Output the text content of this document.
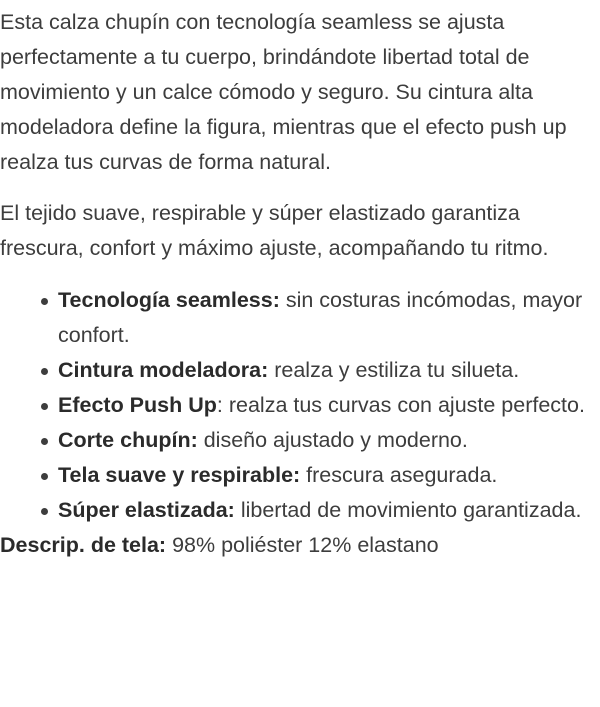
Esta calza chupín con tecnología seamless se ajusta perfectamente a tu cuerpo, brindándote libertad total de movimiento y un calce cómodo y seguro. Su cintura alta modeladora define la figura, mientras que el efecto push up realza tus curvas de forma natural.

El tejido suave, respirable y súper elastizado garantiza frescura, confort y máximo ajuste, acompañando tu ritmo.

Tecnología seamless: sin costuras incómodas, mayor confort.
Cintura modeladora: realza y estiliza tu silueta.
Efecto Push Up: realza tus curvas con ajuste perfecto.
Corte chupín: diseño ajustado y moderno.
Tela suave y respirable: frescura asegurada.
Súper elastizada: libertad de movimiento garantizada.
Descrip. de tela: 98% poliéster 12% elastano
